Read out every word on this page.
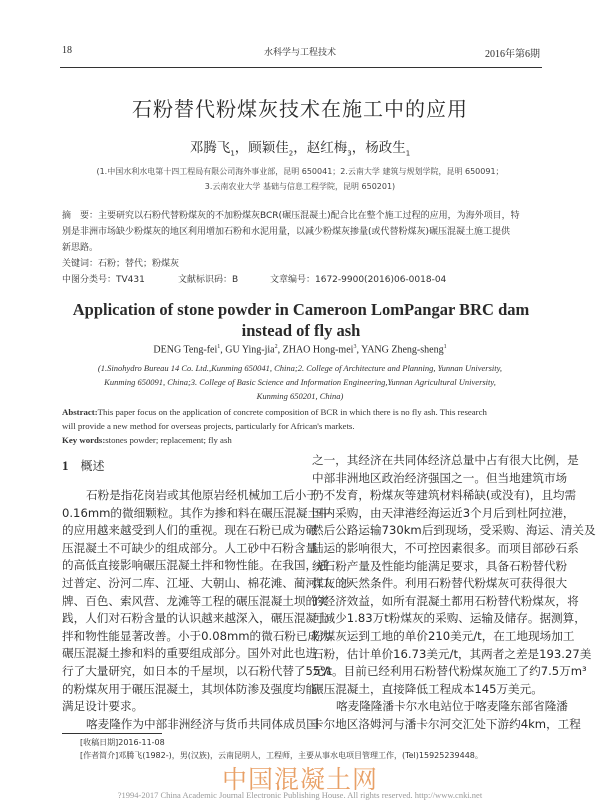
18	水科学与工程技术	2016年第6期
石粉替代粉煤灰技术在施工中的应用
邓腾飞$_1$，顾颖佳$_2$，赵红梅$_3$，杨政生$_1$
(1.中国水利水电第十四工程局有限公司海外事业部，昆明 650041；2.云南大学 建筑与规划学院，昆明 650091；
3.云南农业大学 基础与信息工程学院，昆明 650201)
摘　要：主要研究以石粉代替粉煤灰的不加粉煤灰BCR(碾压混凝土)配合比在整个施工过程的应用，为海外项目，特
别是非洲市场缺少粉煤灰的地区利用增加石粉和水泥用量，以减少粉煤灰掺量(或代替粉煤灰)碾压混凝土施工提供
新思路。
关键词：石粉；替代；粉煤灰
中图分类号：TV431	文献标识码：B	文章编号：1672-9900(2016)06-0018-04
Application of stone powder in Cameroon LomPangar BRC dam instead of fly ash
DENG Teng-fei$^1$, GU Ying-jia$^2$, ZHAO Hong-mei$^3$, YANG Zheng-sheng$^1$
(1.Sinohydro Bureau 14 Co. Ltd.,Kunming 650041, China;2. College of Architecture and Planning, Yunnan University,
Kunming 650091, China;3. College of Basic Science and Information Engineering,Yunnan Agricultural University,
Kunming 650201, China)
Abstract:This paper focus on the application of concrete composition of BCR in which there is no fly ash. This research
will provide a new method for overseas projects, particularly for African's markets.
Key words:stones powder; replacement; fly ash
1 概述
石粉是指花岗岩或其他原岩经机械加工后小于
0.16mm的微细颗粒。其作为掺和料在碾压混凝土中
的应用越来越受到人们的重视。现在石粉已成为碾
压混凝土不可缺少的组成部分。人工砂中石粉含量
的高低直接影响碾压混凝土拌和物性能。在我国，通
过普定、汾河二库、江垭、大朝山、棉花滩、蔺河口、沙
牌、百色、索风营、龙滩等工程的碾压混凝土坝的实
践，人们对石粉含量的认识越来越深入，碾压混凝土
拌和物性能显著改善。小于0.08mm的微石粉已成为
碾压混凝土掺和料的重要组成部分。国外对此也进
行了大量研究，如日本的千屋坝，以石粉代替了55%
的粉煤灰用于碾压混凝土，其坝体防渗及强度均能
满足设计要求。
喀麦隆作为中部非洲经济与货币共同体成员国
之一，其经济在共同体经济总量中占有很大比例，是
中部非洲地区政治经济强国之一。但当地建筑市场
仍不发育，粉煤灰等建筑材料稀缺(或没有)，且均需
国内采购，由天津港经海运近3个月后到杜阿拉港，
然后公路运输730km后到现场，受采购、海运、清关及
陆运的影响很大，不可控因素很多。而项目部砂石系
统石粉产量及性能均能满足要求，具备石粉替代粉
煤灰的天然条件。利用石粉替代粉煤灰可获得很大
的经济效益，如所有混凝土都用石粉替代粉煤灰，将
可减少1.83万t粉煤灰的采购、运输及储存。据测算，
粉煤灰运到工地的单价210美元/t，在工地现场加工
石粉，估计单价16.73美元/t，其两者之差是193.27美
元/t。目前已经利用石粉替代粉煤灰施工了约7.5万m³
碾压混凝土，直接降低工程成本145万美元。
喀麦隆隆潘卡尔水电站位于喀麦隆东部省隆潘
卡尔地区洛姆河与潘卡尔河交汇处下游约4km，工程
[收稿日期]2016-11-08
[作者简介]邓腾飞(1982-)，男(汉族)，云南昆明人，工程师，主要从事水电项目管理工作，(Tel)15925239448。
中国混凝土网
?1994-2017 China Academic Journal Electronic Publishing House. All rights reserved. http://www.cnki.net
